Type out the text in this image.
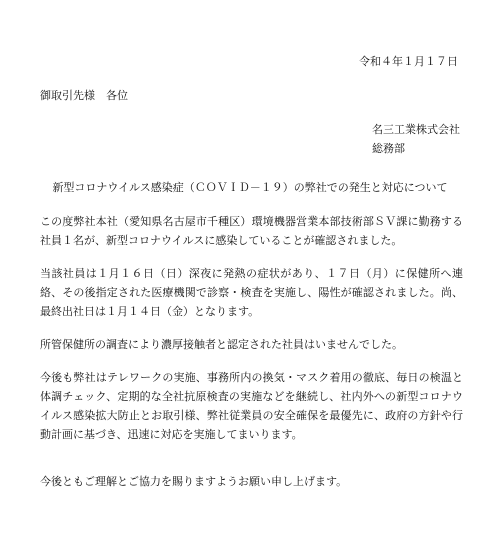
令和４年１月１７日
御取引先様　各位
名三工業株式会社
総務部
新型コロナウイルス感染症（ＣＯＶＩＤ－１９）の弊社での発生と対応について

この度弊社本社（愛知県名古屋市千種区）環境機器営業本部技術部ＳＶ課に勤務する社員１名が、新型コロナウイルスに感染していることが確認されました。

当該社員は１月１６日（日）深夜に発熱の症状があり、１７日（月）に保健所へ連絡、その後指定された医療機関で診察・検査を実施し、陽性が確認されました。尚、最終出社日は１月１４日（金）となります。

所管保健所の調査により濃厚接触者と認定された社員はいませんでした。

今後も弊社はテレワークの実施、事務所内の換気・マスク着用の徹底、毎日の検温と体調チェック、定期的な全社抗原検査の実施などを継続し、社内外への新型コロナウイルス感染拡大防止とお取引様、弊社従業員の安全確保を最優先に、政府の方針や行動計画に基づき、迅速に対応を実施してまいります。

今後ともご理解とご協力を賜りますようお願い申し上げます。
